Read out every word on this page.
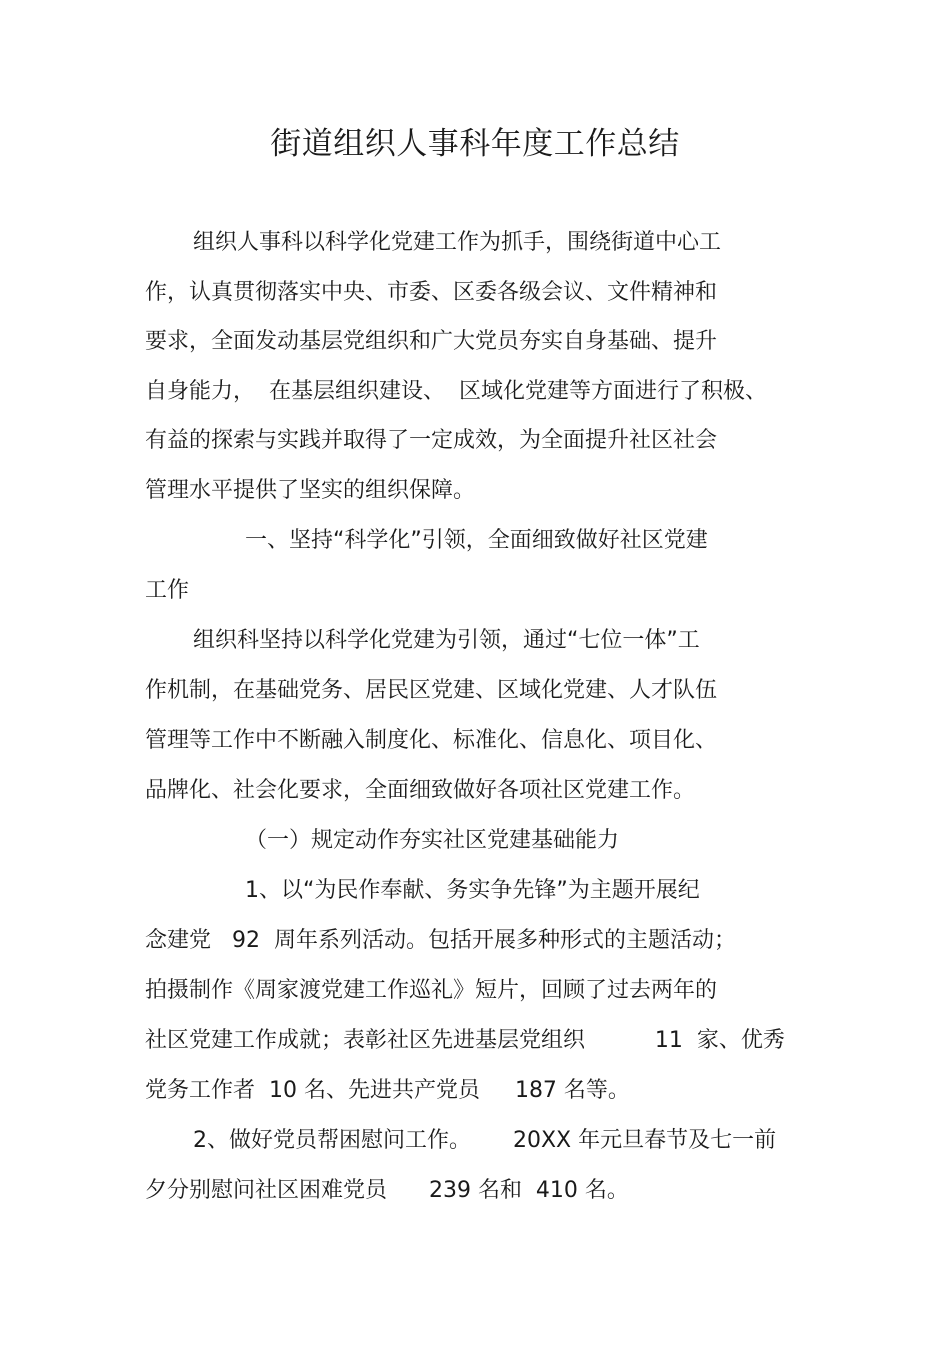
街道组织人事科年度工作总结
组织人事科以科学化党建工作为抓手，围绕街道中心工
作，认真贯彻落实中央、市委、区委各级会议、文件精神和
要求，全面发动基层党组织和广大党员夯实自身基础、提升
自身能力，  在基层组织建设、  区域化党建等方面进行了积极、
有益的探索与实践并取得了一定成效，为全面提升社区社会
管理水平提供了坚实的组织保障。
一、坚持“科学化”引领，全面细致做好社区党建
工作
组织科坚持以科学化党建为引领，通过“七位一体”工
作机制，在基础党务、居民区党建、区域化党建、人才队伍
管理等工作中不断融入制度化、标准化、信息化、项目化、
品牌化、社会化要求，全面细致做好各项社区党建工作。
（一）规定动作夯实社区党建基础能力
1、以“为民作奉献、务实争先锋”为主题开展纪
念建党   92  周年系列活动。包括开展多种形式的主题活动；
拍摄制作《周家渡党建工作巡礼》短片，回顾了过去两年的
社区党建工作成就；表彰社区先进基层党组织          11  家、优秀
党务工作者  10 名、先进共产党员     187 名等。
2、做好党员帮困慰问工作。      20XX 年元旦春节及七一前
夕分别慰问社区困难党员      239 名和  410 名。
